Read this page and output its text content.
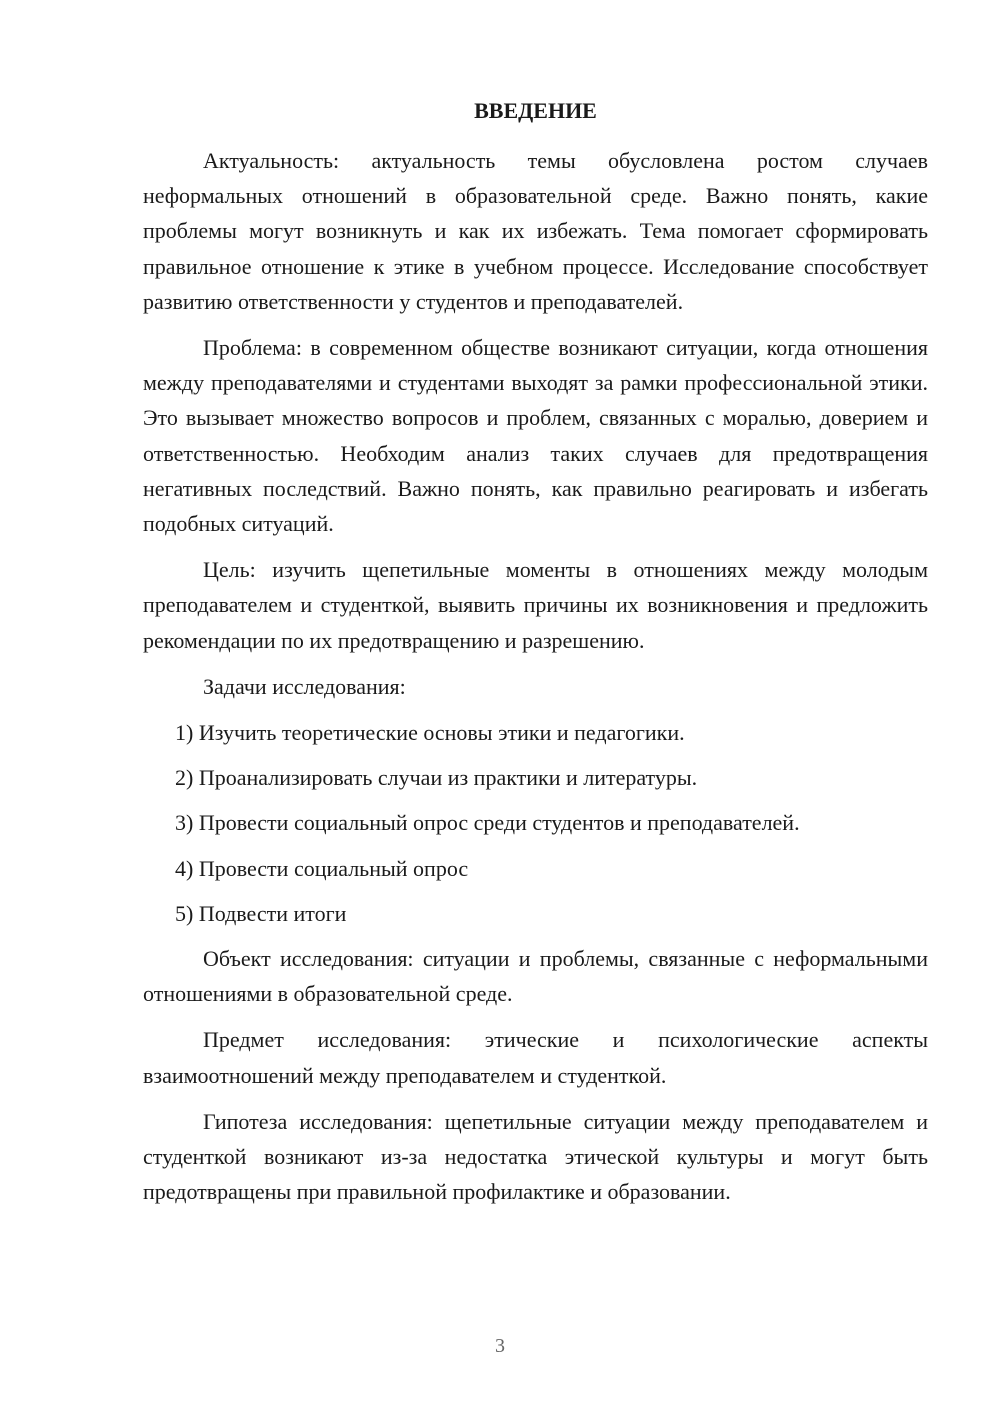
ВВЕДЕНИЕ

Актуальность: актуальность темы обусловлена ростом случаев неформальных отношений в образовательной среде. Важно понять, какие проблемы могут возникнуть и как их избежать. Тема помогает сформировать правильное отношение к этике в учебном процессе. Исследование способствует развитию ответственности у студентов и преподавателей.

Проблема: в современном обществе возникают ситуации, когда отношения между преподавателями и студентами выходят за рамки профессиональной этики. Это вызывает множество вопросов и проблем, связанных с моралью, доверием и ответственностью. Необходим анализ таких случаев для предотвращения негативных последствий. Важно понять, как правильно реагировать и избегать подобных ситуаций.

Цель: изучить щепетильные моменты в отношениях между молодым преподавателем и студенткой, выявить причины их возникновения и предложить рекомендации по их предотвращению и разрешению.

Задачи исследования:

1) Изучить теоретические основы этики и педагогики.

2) Проанализировать случаи из практики и литературы.

3) Провести социальный опрос среди студентов и преподавателей.

4) Провести социальный опрос

5) Подвести итоги

Объект исследования: ситуации и проблемы, связанные с неформальными отношениями в образовательной среде.

Предмет исследования: этические и психологические аспекты взаимоотношений между преподавателем и студенткой.

Гипотеза исследования: щепетильные ситуации между преподавателем и студенткой возникают из-за недостатка этической культуры и могут быть предотвращены при правильной профилактике и образовании.

3
